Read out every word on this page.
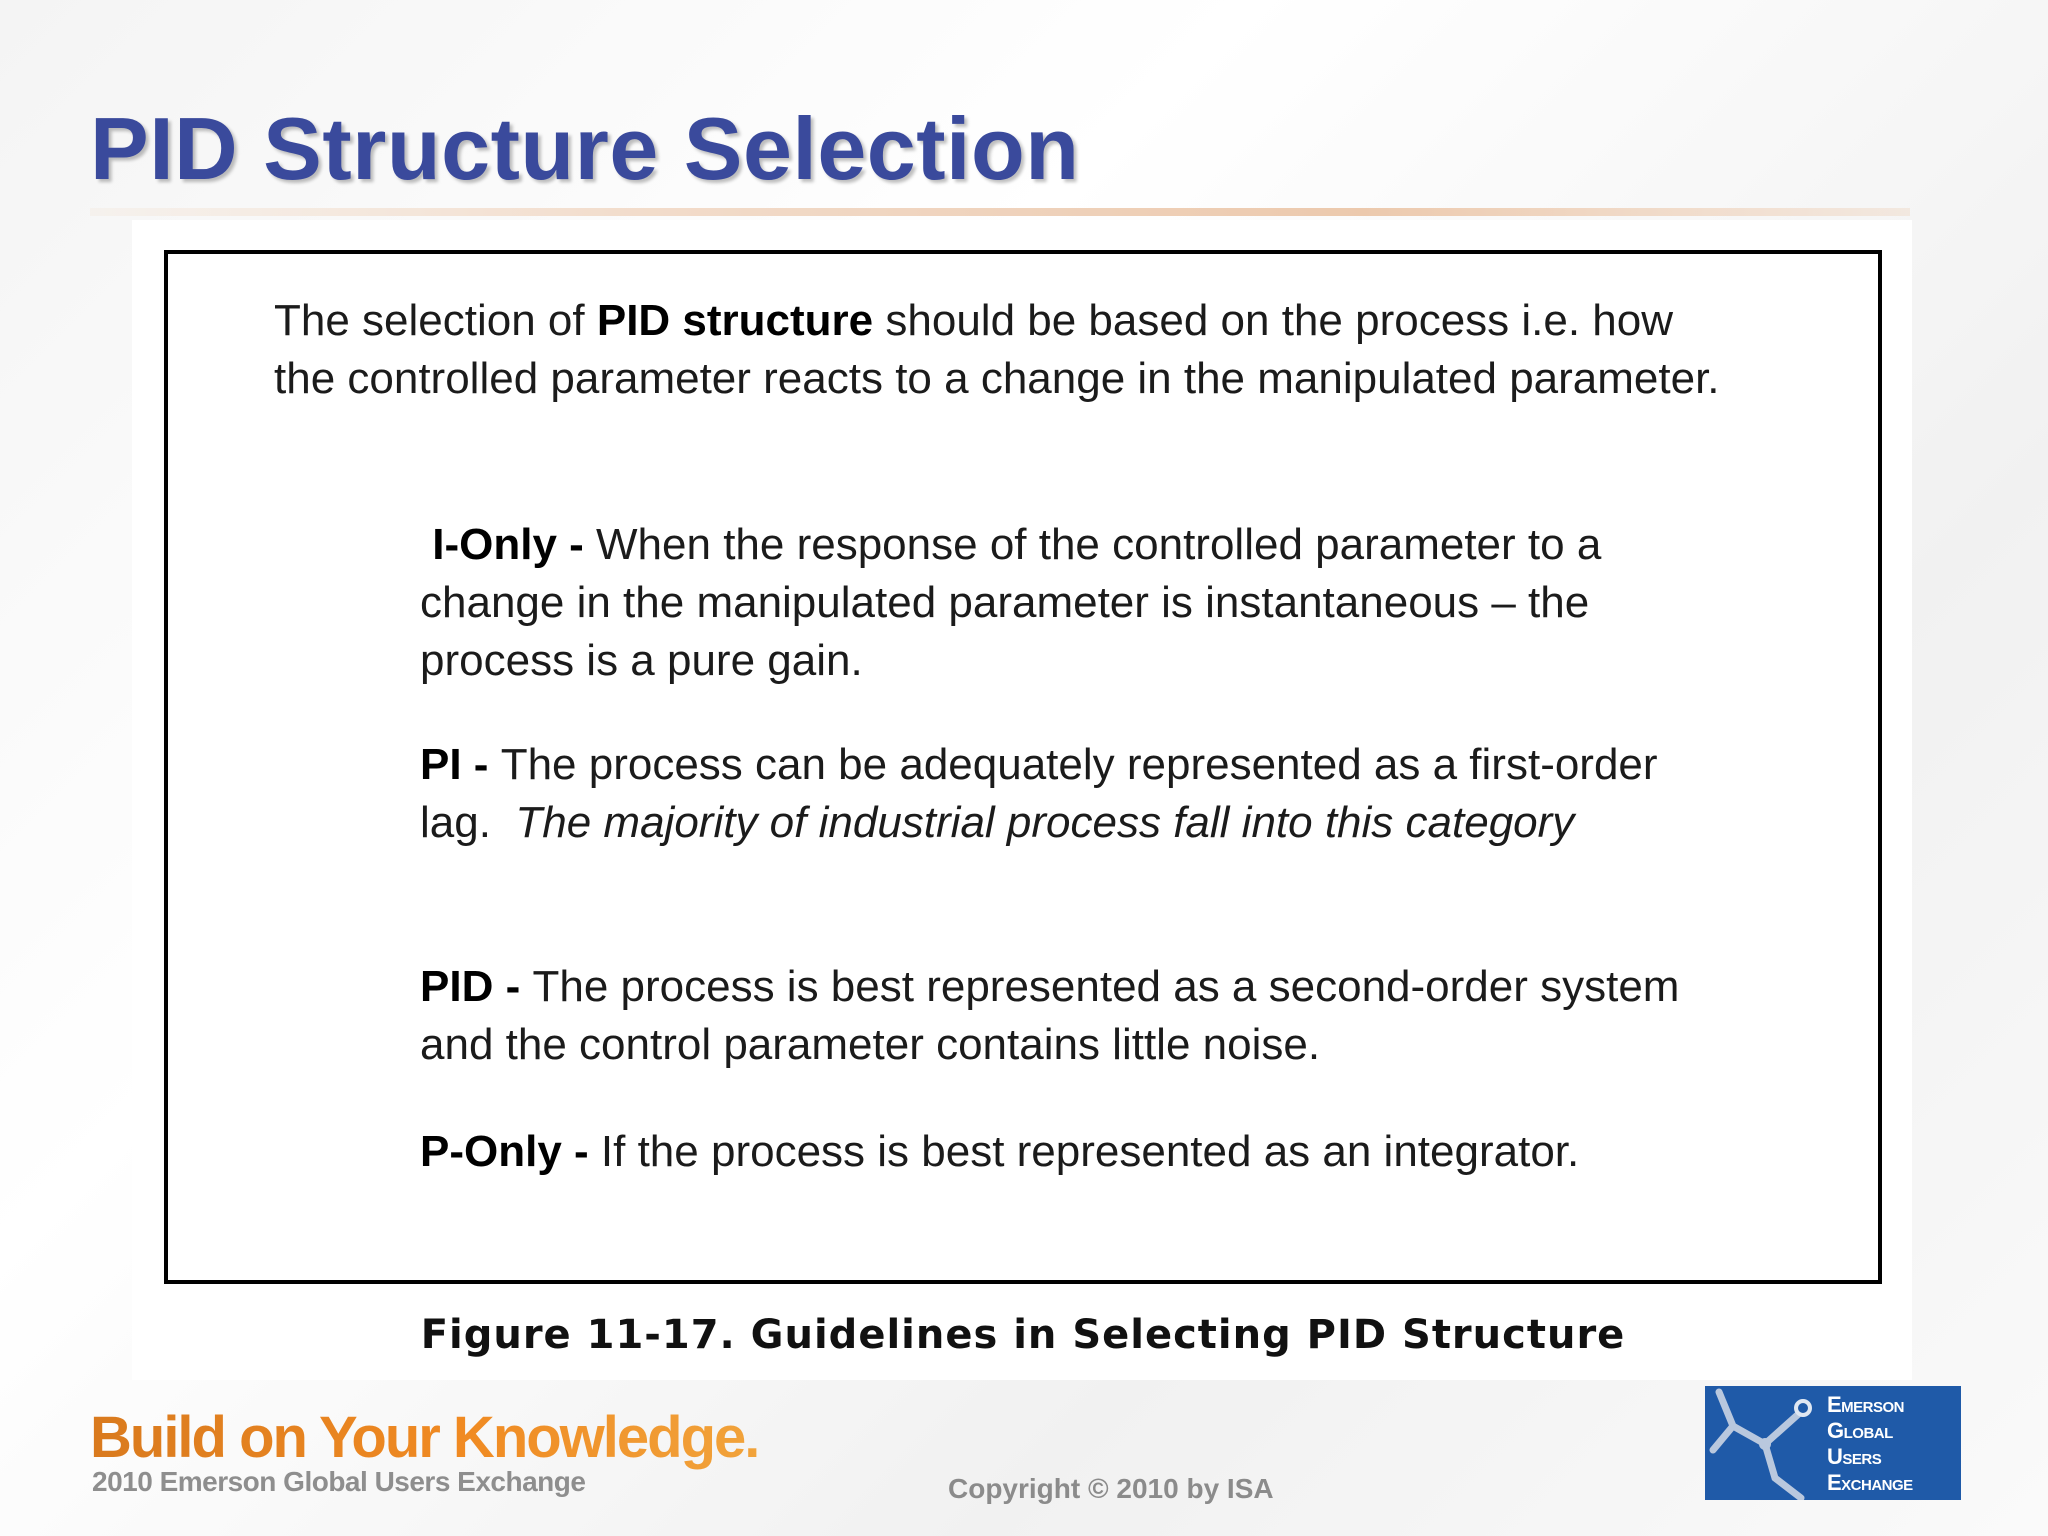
PID Structure Selection

The selection of PID structure should be based on the process i.e. how the controlled parameter reacts to a change in the manipulated parameter.

I-Only - When the response of the controlled parameter to a change in the manipulated parameter is instantaneous – the process is a pure gain.

PI - The process can be adequately represented as a first-order lag.  The majority of industrial process fall into this category

PID - The process is best represented as a second-order system and the control parameter contains little noise.

P-Only - If the process is best represented as an integrator.

Figure 11-17. Guidelines in Selecting PID Structure

Build on Your Knowledge.

2010 Emerson Global Users Exchange	Copyright © 2010 by ISA

Emerson
Global
Users
Exchange
